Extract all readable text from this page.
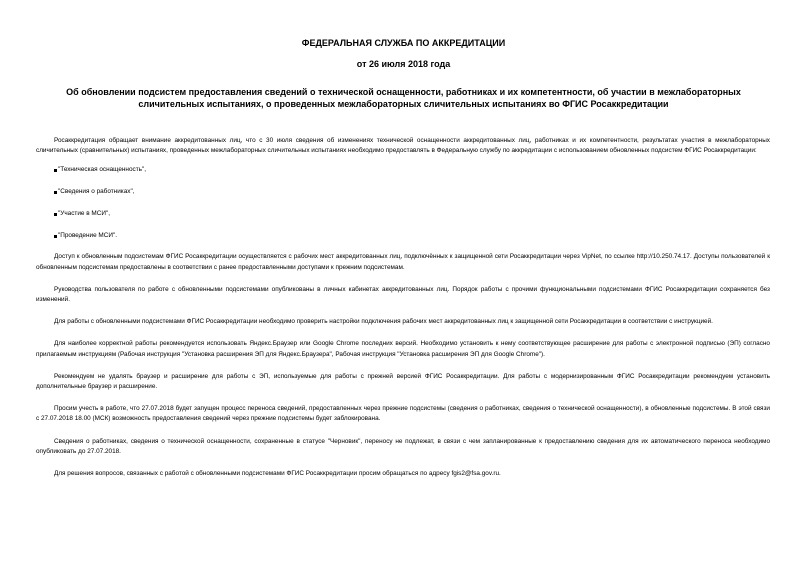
ФЕДЕРАЛЬНАЯ СЛУЖБА ПО АККРЕДИТАЦИИ
от 26 июля 2018 года
Об обновлении подсистем предоставления сведений о технической оснащенности, работниках и их компетентности, об участии в межлабораторных сличительных испытаниях, о проведенных межлабораторных сличительных испытаниях во ФГИС Росаккредитации

Росаккредитация обращает внимание аккредитованных лиц, что с 30 июля сведения об изменениях технической оснащенности аккредитованных лиц, работниках и их компетентности, результатах участия в межлабораторных сличительных (сравнительных) испытаниях, проведенных межлабораторных сличительных испытаниях необходимо предоставлять в Федеральную службу по аккредитации с использованием обновленных подсистем ФГИС Росаккредитации:

"Техническая оснащенность",
"Сведения о работниках",
"Участие в МСИ",
"Проведение МСИ".

Доступ к обновленным подсистемам ФГИС Росаккредитации осуществляется с рабочих мест аккредитованных лиц, подключённых к защищенной сети Росаккредитации через VipNet, по ссылке http://10.250.74.17. Доступы пользователей к обновленным подсистемам предоставлены в соответствии с ранее предоставленными доступами к прежним подсистемам.

Руководства пользователя по работе с обновленными подсистемами опубликованы в личных кабинетах аккредитованных лиц. Порядок работы с прочими функциональными подсистемами ФГИС Росаккредитации сохраняется без изменений.

Для работы с обновленными подсистемами ФГИС Росаккредитации необходимо проверить настройки подключения рабочих мест аккредитованных лиц к защищенной сети Росаккредитации в соответствии с инструкцией.

Для наиболее корректной работы рекомендуется использовать Яндекс.Браузер или Google Chrome последних версий. Необходимо установить к нему соответствующее расширение для работы с электронной подписью (ЭП) согласно прилагаемым инструкциям (Рабочая инструкция "Установка расширения ЭП для Яндекс.Браузера", Рабочая инструкция "Установка расширения ЭП для Google Chrome").

Рекомендуем не удалять браузер и расширение для работы с ЭП, используемые для работы с прежней версией ФГИС Росаккредитации. Для работы с модернизированным ФГИС Росаккредитации рекомендуем установить дополнительные браузер и расширение.

Просим учесть в работе, что 27.07.2018 будет запущен процесс переноса сведений, предоставленных через прежние подсистемы (сведения о работниках, сведения о технической оснащенности), в обновленные подсистемы. В этой связи с 27.07.2018 18.00 (МСК) возможность предоставления сведений через прежние подсистемы будет заблокирована.

Сведения о работниках, сведения о технической оснащенности, сохраненные в статусе "Черновик", переносу не подлежат, в связи с чем запланированные к предоставлению сведения для их автоматического переноса необходимо опубликовать до 27.07.2018.

Для решения вопросов, связанных с работой с обновленными подсистемами ФГИС Росаккредитации просим обращаться по адресу fgis2@fsa.gov.ru.
